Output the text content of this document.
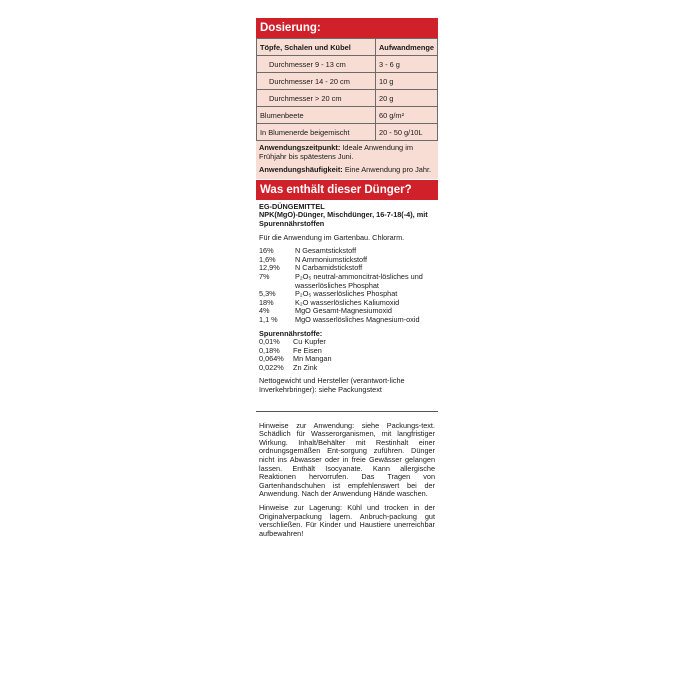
Dosierung:
Töpfe, Schalen und Kübel	Aufwandmenge
Durchmesser 9 - 13 cm	3 - 6 g
Durchmesser 14 - 20 cm	10 g
Durchmesser > 20 cm	20 g
Blumenbeete	60 g/m²
In Blumenerde beigemischt	20 - 50 g/10L

Anwendungszeitpunkt: Ideale Anwendung im Frühjahr bis spätestens Juni.

Anwendungshäufigkeit: Eine Anwendung pro Jahr.

Was enthält dieser Dünger?

EG-DÜNGEMITTEL
NPK(MgO)-Dünger, Mischdünger, 16-7-18(-4), mit Spurennährstoffen

Für die Anwendung im Gartenbau. Chlorarm.

16%	N Gesamtstickstoff
1,6%	N Ammoniumstickstoff
12,9%	N Carbamidstickstoff
7%	P₂O₅ neutral-ammoncitrat-lösliches und wasserlösliches Phosphat
5,3%	P₂O₅ wasserlösliches Phosphat
18%	K₂O wasserlösliches Kaliumoxid
4%	MgO Gesamt-Magnesiumoxid
1,1 %	MgO wasserlösliches Magnesium-oxid
Spurennährstoffe:
0,01%	Cu Kupfer
0,18%	Fe Eisen
0,064%	Mn Mangan
0,022%	Zn Zink

Nettogewicht und Hersteller (verantwort-liche Inverkehrbringer): siehe Packungstext

Hinweise zur Anwendung: siehe Packungs-text. Schädlich für Wasserorganismen, mit langfristiger Wirkung. Inhalt/Behälter mit Restinhalt einer ordnungsgemäßen Ent-sorgung zuführen. Dünger nicht ins Abwasser oder in freie Gewässer gelangen lassen. Enthält Isocyanate. Kann allergische Reaktionen hervorrufen. Das Tragen von Gartenhandschuhen ist empfehlenswert bei der Anwendung. Nach der Anwendung Hände waschen.

Hinweise zur Lagerung: Kühl und trocken in der Originalverpackung lagern. Anbruch-packung gut verschließen. Für Kinder und Haustiere unerreichbar aufbewahren!
